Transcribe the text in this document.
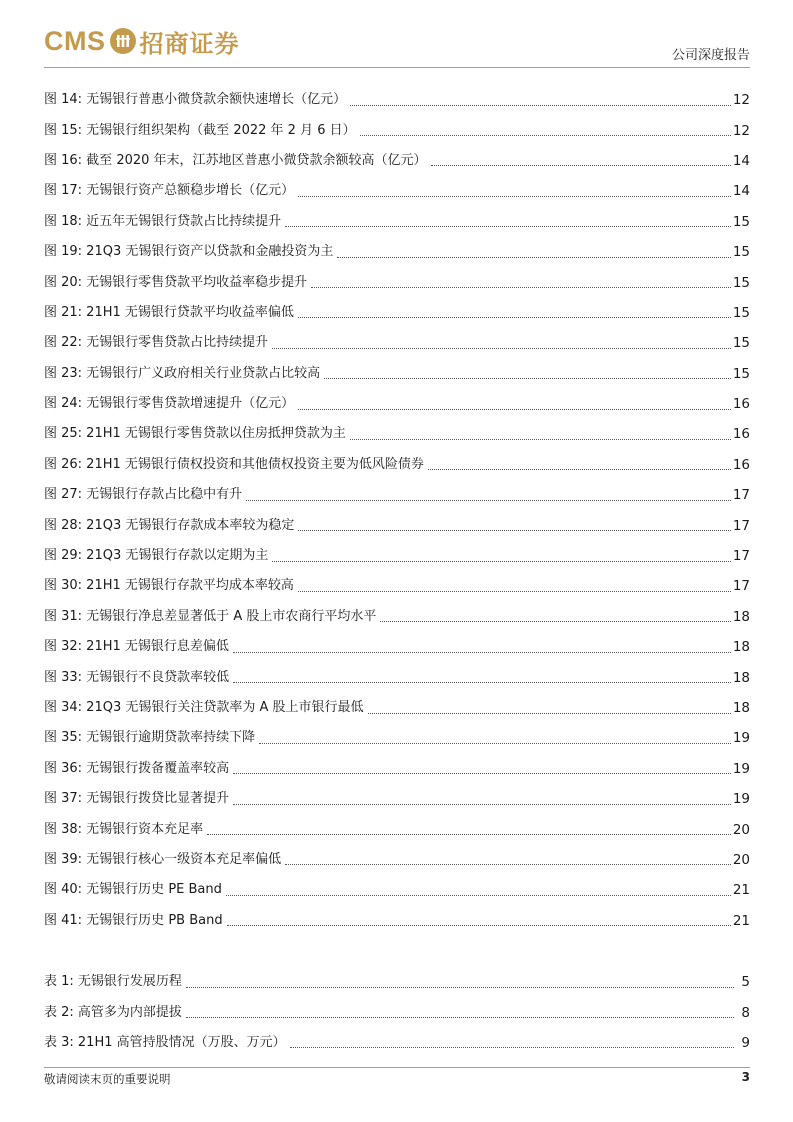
CMS 招商证券	公司深度报告
图 14: 无锡银行普惠小微贷款余额快速增长（亿元）	12
图 15: 无锡银行组织架构（截至 2022 年 2 月 6 日）	12
图 16: 截至 2020 年末，江苏地区普惠小微贷款余额较高（亿元）	14
图 17: 无锡银行资产总额稳步增长（亿元）	14
图 18: 近五年无锡银行贷款占比持续提升	15
图 19: 21Q3 无锡银行资产以贷款和金融投资为主	15
图 20: 无锡银行零售贷款平均收益率稳步提升	15
图 21: 21H1 无锡银行贷款平均收益率偏低	15
图 22: 无锡银行零售贷款占比持续提升	15
图 23: 无锡银行广义政府相关行业贷款占比较高	15
图 24: 无锡银行零售贷款增速提升（亿元）	16
图 25: 21H1 无锡银行零售贷款以住房抵押贷款为主	16
图 26: 21H1 无锡银行债权投资和其他债权投资主要为低风险债券	16
图 27: 无锡银行存款占比稳中有升	17
图 28: 21Q3 无锡银行存款成本率较为稳定	17
图 29: 21Q3 无锡银行存款以定期为主	17
图 30: 21H1 无锡银行存款平均成本率较高	17
图 31: 无锡银行净息差显著低于 A 股上市农商行平均水平	18
图 32: 21H1 无锡银行息差偏低	18
图 33: 无锡银行不良贷款率较低	18
图 34: 21Q3 无锡银行关注贷款率为 A 股上市银行最低	18
图 35: 无锡银行逾期贷款率持续下降	19
图 36: 无锡银行拨备覆盖率较高	19
图 37: 无锡银行拨贷比显著提升	19
图 38: 无锡银行资本充足率	20
图 39: 无锡银行核心一级资本充足率偏低	20
图 40: 无锡银行历史 PE Band	21
图 41: 无锡银行历史 PB Band	21
表 1: 无锡银行发展历程	5
表 2: 高管多为内部提拔	8
表 3: 21H1 高管持股情况（万股、万元）	9
敬请阅读末页的重要说明	3
